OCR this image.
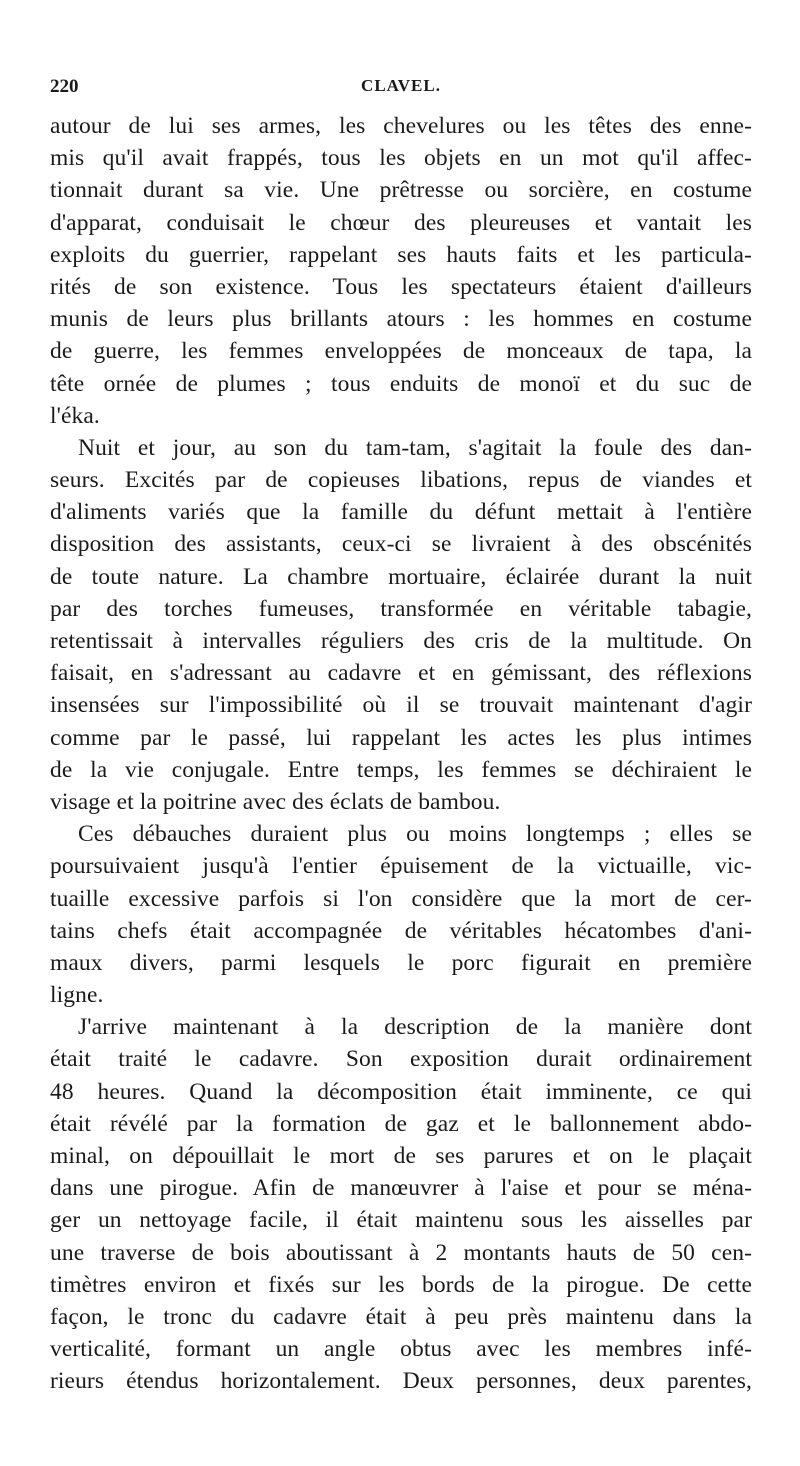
220	CLAVEL.
autour de lui ses armes, les chevelures ou les têtes des enne-
mis qu'il avait frappés, tous les objets en un mot qu'il affec-
tionnait durant sa vie. Une prêtresse ou sorcière, en costume
d'apparat, conduisait le chœur des pleureuses et vantait les
exploits du guerrier, rappelant ses hauts faits et les particula-
rités de son existence. Tous les spectateurs étaient d'ailleurs
munis de leurs plus brillants atours : les hommes en costume
de guerre, les femmes enveloppées de monceaux de tapa, la
tête ornée de plumes ; tous enduits de monoï et du suc de
l'éka.
Nuit et jour, au son du tam-tam, s'agitait la foule des dan-
seurs. Excités par de copieuses libations, repus de viandes et
d'aliments variés que la famille du défunt mettait à l'entière
disposition des assistants, ceux-ci se livraient à des obscénités
de toute nature. La chambre mortuaire, éclairée durant la nuit
par des torches fumeuses, transformée en véritable tabagie,
retentissait à intervalles réguliers des cris de la multitude. On
faisait, en s'adressant au cadavre et en gémissant, des réflexions
insensées sur l'impossibilité où il se trouvait maintenant d'agir
comme par le passé, lui rappelant les actes les plus intimes
de la vie conjugale. Entre temps, les femmes se déchiraient le
visage et la poitrine avec des éclats de bambou.
Ces débauches duraient plus ou moins longtemps ; elles se
poursuivaient jusqu'à l'entier épuisement de la victuaille, vic-
tuaille excessive parfois si l'on considère que la mort de cer-
tains chefs était accompagnée de véritables hécatombes d'ani-
maux divers, parmi lesquels le porc figurait en première
ligne.
J'arrive maintenant à la description de la manière dont
était traité le cadavre. Son exposition durait ordinairement
48 heures. Quand la décomposition était imminente, ce qui
était révélé par la formation de gaz et le ballonnement abdo-
minal, on dépouillait le mort de ses parures et on le plaçait
dans une pirogue. Afin de manœuvrer à l'aise et pour se ména-
ger un nettoyage facile, il était maintenu sous les aisselles par
une traverse de bois aboutissant à 2 montants hauts de 50 cen-
timètres environ et fixés sur les bords de la pirogue. De cette
façon, le tronc du cadavre était à peu près maintenu dans la
verticalité, formant un angle obtus avec les membres infé-
rieurs étendus horizontalement. Deux personnes, deux parentes,
